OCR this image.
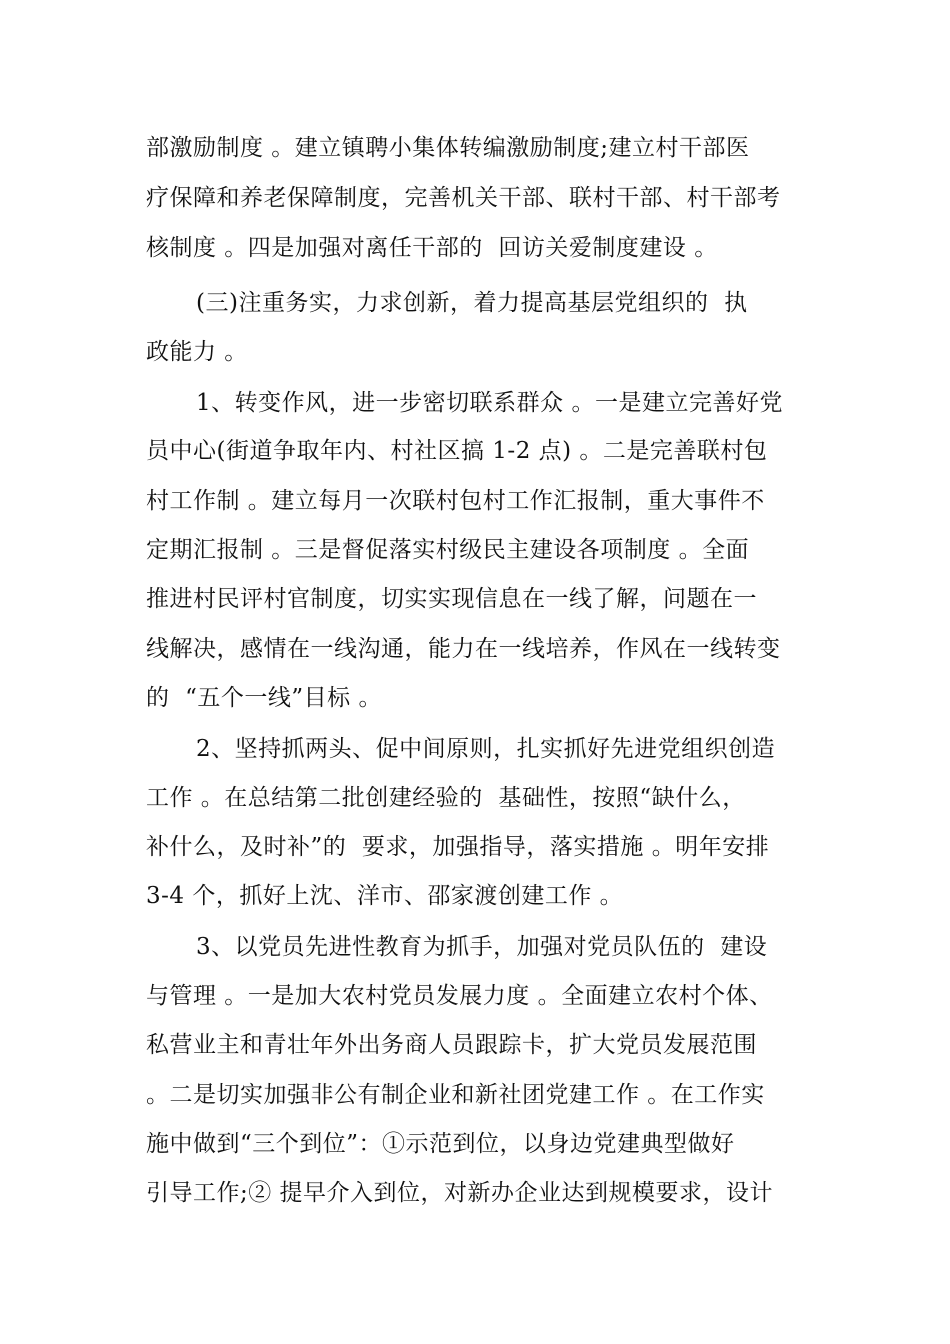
部激励制度 。建立镇聘小集体转编激励制度;建立村干部医
疗保障和养老保障制度，完善机关干部、联村干部、村干部考
核制度 。四是加强对离任干部的  回访关爱制度建设 。
(三)注重务实，力求创新，着力提高基层党组织的  执
政能力 。
1、转变作风，进一步密切联系群众 。一是建立完善好党
员中心(街道争取年内、村社区搞 1-2 点) 。二是完善联村包
村工作制 。建立每月一次联村包村工作汇报制，重大事件不
定期汇报制 。三是督促落实村级民主建设各项制度 。全面
推进村民评村官制度，切实实现信息在一线了解，问题在一
线解决，感情在一线沟通，能力在一线培养，作风在一线转变
的  “五个一线”目标 。
2、坚持抓两头、促中间原则，扎实抓好先进党组织创造
工作 。在总结第二批创建经验的  基础性，按照“缺什么，
补什么，及时补”的  要求，加强指导，落实措施 。明年安排
3-4 个，抓好上沈、洋市、邵家渡创建工作 。
3、以党员先进性教育为抓手，加强对党员队伍的  建设
与管理 。一是加大农村党员发展力度 。全面建立农村个体、
私营业主和青壮年外出务商人员跟踪卡，扩大党员发展范围
。二是切实加强非公有制企业和新社团党建工作 。在工作实
施中做到“三个到位”：①示范到位，以身边党建典型做好
引导工作;② 提早介入到位，对新办企业达到规模要求，设计
